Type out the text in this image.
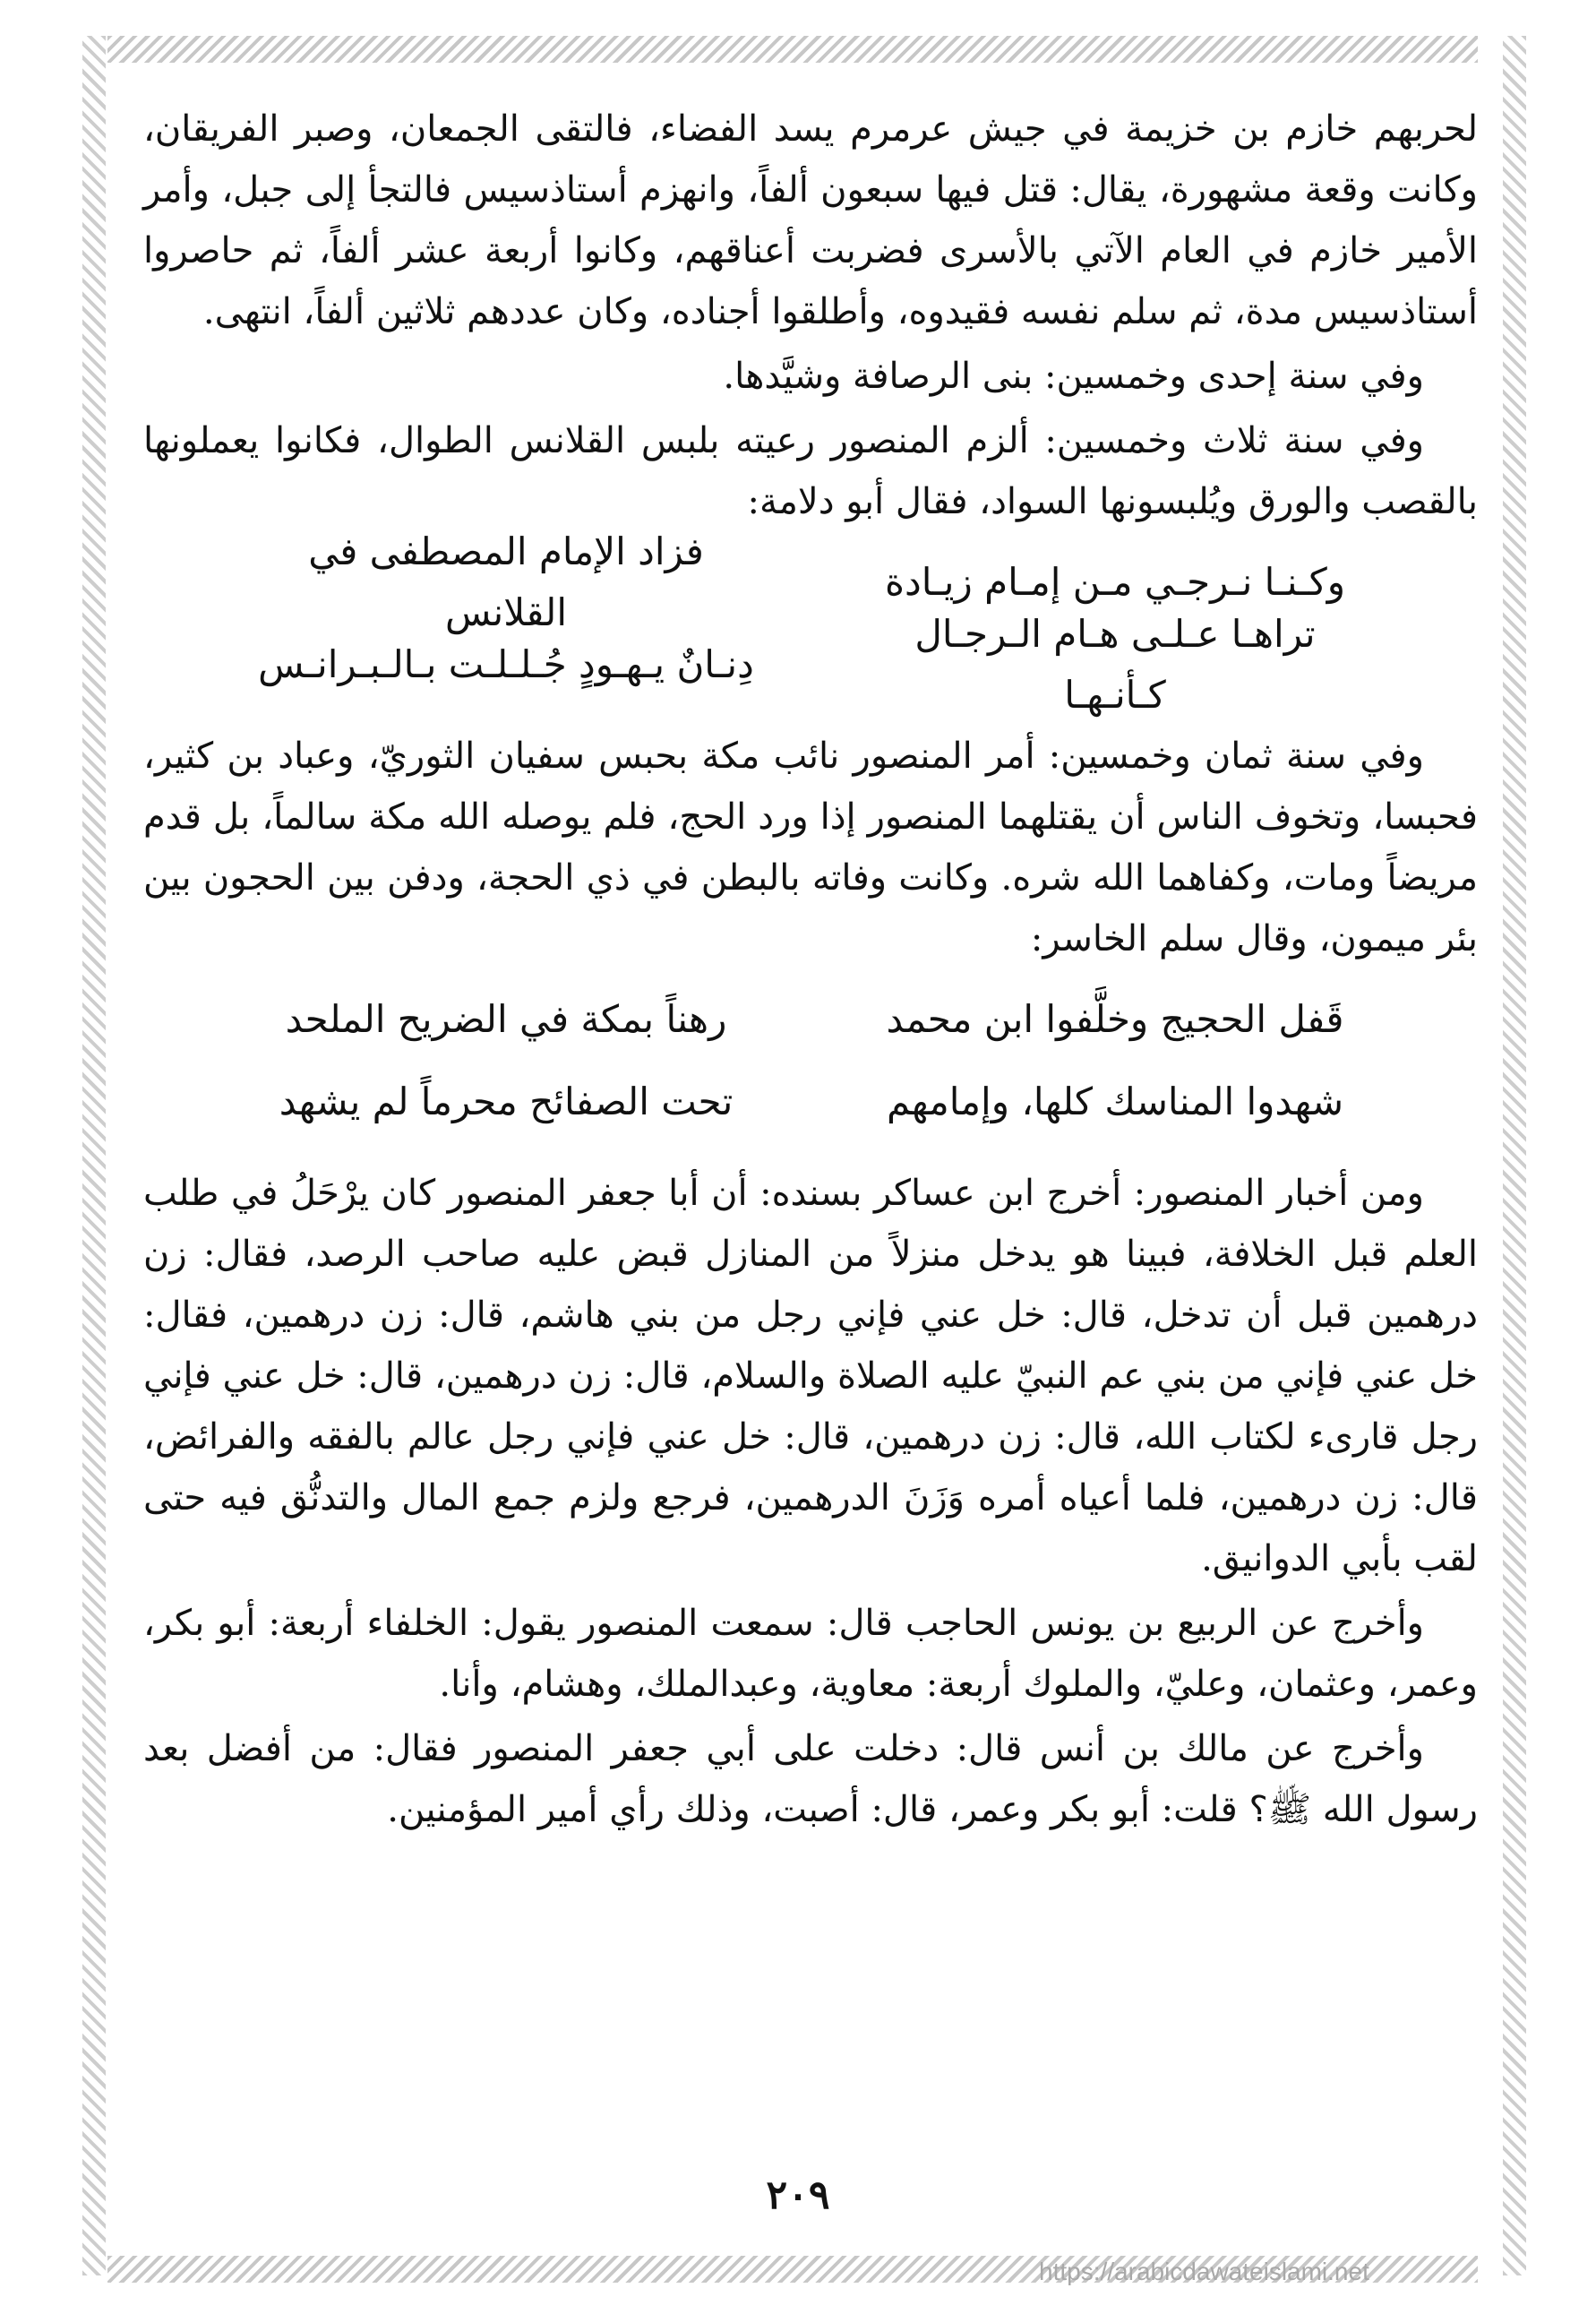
لحربهم خازم بن خزيمة في جيش عرمرم يسد الفضاء، فالتقى الجمعان، وصبر الفريقان، وكانت وقعة مشهورة، يقال: قتل فيها سبعون ألفاً، وانهزم أستاذسيس فالتجأ إلى جبل، وأمر الأمير خازم في العام الآتي بالأسرى فضربت أعناقهم، وكانوا أربعة عشر ألفاً، ثم حاصروا أستاذسيس مدة، ثم سلم نفسه فقيدوه، وأطلقوا أجناده، وكان عددهم ثلاثين ألفاً، انتهى.

وفي سنة إحدى وخمسين: بنى الرصافة وشيَّدها.

وفي سنة ثلاث وخمسين: ألزم المنصور رعيته بلبس القلانس الطوال، فكانوا يعملونها بالقصب والورق ويُلبسونها السواد، فقال أبو دلامة:

وكـنـا نـرجـي مـن إمـام زيـادة
فزاد الإمام المصطفى في القلانس	تراهـا عـلـى هـام الـرجـال كـأنـهـا
دِنـانٌ يـهـودٍ جُـلـلـت بـالـبـرانـس

وفي سنة ثمان وخمسين: أمر المنصور نائب مكة بحبس سفيان الثوريّ، وعباد بن كثير، فحبسا، وتخوف الناس أن يقتلهما المنصور إذا ورد الحج، فلم يوصله الله مكة سالماً، بل قدم مريضاً ومات، وكفاهما الله شره. وكانت وفاته بالبطن في ذي الحجة، ودفن بين الحجون بين بئر ميمون، وقال سلم الخاسر:

قَفل الحجيج وخلَّفوا ابن محمد
رهناً بمكة في الضريح الملحد
شهدوا المناسك كلها، وإمامهم
تحت الصفائح محرماً لم يشهد

ومن أخبار المنصور: أخرج ابن عساكر بسنده: أن أبا جعفر المنصور كان يرْحَلُ في طلب العلم قبل الخلافة، فبينا هو يدخل منزلاً من المنازل قبض عليه صاحب الرصد، فقال: زن درهمين قبل أن تدخل، قال: خل عني فإني رجل من بني هاشم، قال: زن درهمين، فقال: خل عني فإني من بني عم النبيّ عليه الصلاة والسلام، قال: زن درهمين، قال: خل عني فإني رجل قارىء لكتاب الله، قال: زن درهمين، قال: خل عني فإني رجل عالم بالفقه والفرائض، قال: زن درهمين، فلما أعياه أمره وَزَنَ الدرهمين، فرجع ولزم جمع المال والتدنُّق فيه حتى لقب بأبي الدوانيق.

وأخرج عن الربيع بن يونس الحاجب قال: سمعت المنصور يقول: الخلفاء أربعة: أبو بكر، وعمر، وعثمان، وعليّ، والملوك أربعة: معاوية، وعبدالملك، وهشام، وأنا.

وأخرج عن مالك بن أنس قال: دخلت على أبي جعفر المنصور فقال: من أفضل بعد رسول الله ﷺ؟ قلت: أبو بكر وعمر، قال: أصبت، وذلك رأي أمير المؤمنين.

٢٠٩
https://arabicdawateislami.net
